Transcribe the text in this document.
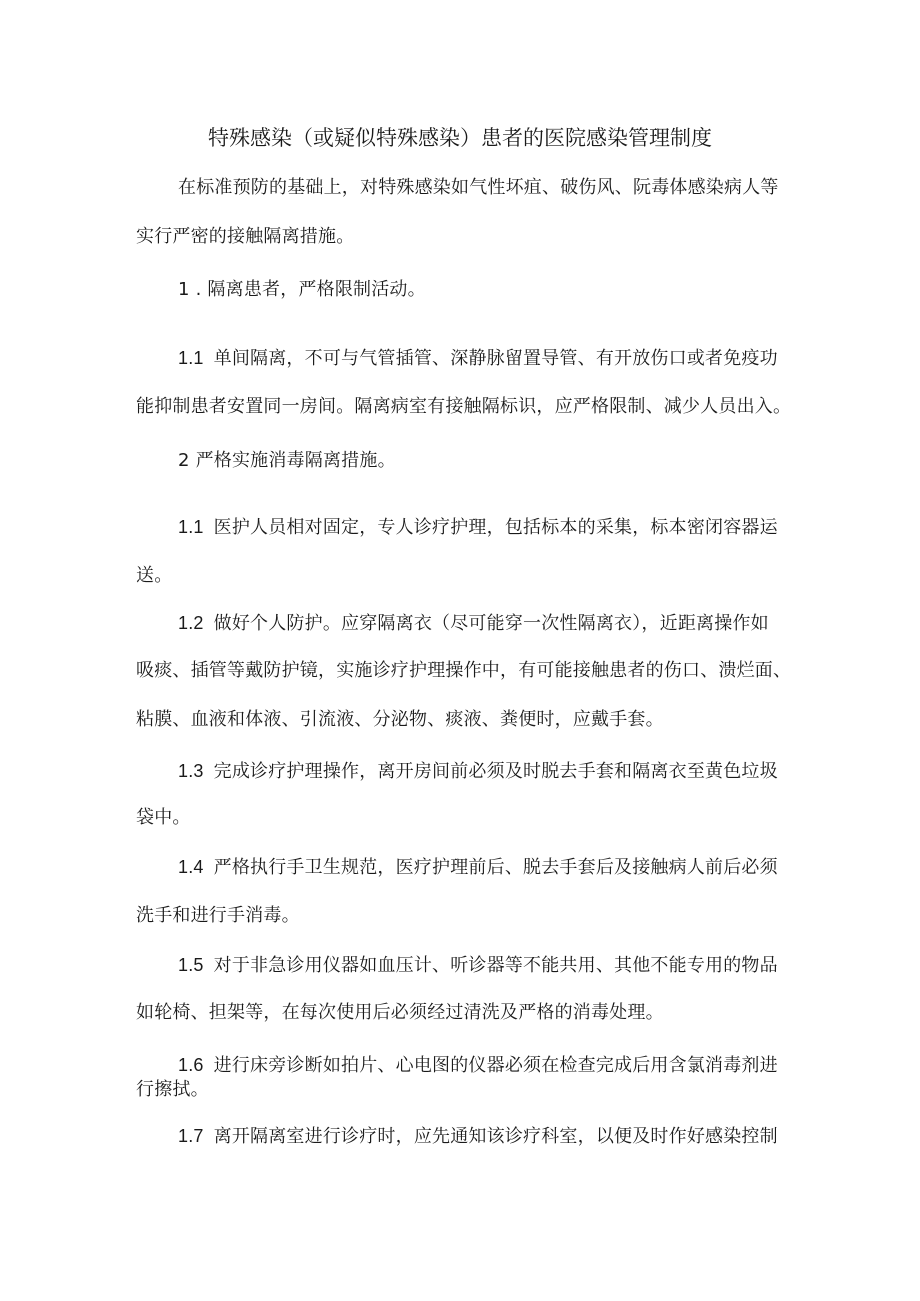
特殊感染（或疑似特殊感染）患者的医院感染管理制度
在标准预防的基础上，对特殊感染如气性坏疽、破伤风、阮毒体感染病人等
实行严密的接触隔离措施。
1 . 隔离患者，严格限制活动。
1.1 单间隔离，不可与气管插管、深静脉留置导管、有开放伤口或者免疫功
能抑制患者安置同一房间。隔离病室有接触隔标识，应严格限制、减少人员出入。
2 严格实施消毒隔离措施。
1.1 医护人员相对固定，专人诊疗护理，包括标本的采集，标本密闭容器运
送。
1.2 做好个人防护。应穿隔离衣（尽可能穿一次性隔离衣），近距离操作如
吸痰、插管等戴防护镜，实施诊疗护理操作中，有可能接触患者的伤口、溃烂面、
粘膜、血液和体液、引流液、分泌物、痰液、粪便时，应戴手套。
1.3 完成诊疗护理操作，离开房间前必须及时脱去手套和隔离衣至黄色垃圾
袋中。
1.4 严格执行手卫生规范，医疗护理前后、脱去手套后及接触病人前后必须
洗手和进行手消毒。
1.5 对于非急诊用仪器如血压计、听诊器等不能共用、其他不能专用的物品
如轮椅、担架等，在每次使用后必须经过清洗及严格的消毒处理。
1.6 进行床旁诊断如拍片、心电图的仪器必须在检查完成后用含氯消毒剂进
行擦拭。
1.7 离开隔离室进行诊疗时，应先通知该诊疗科室，以便及时作好感染控制
